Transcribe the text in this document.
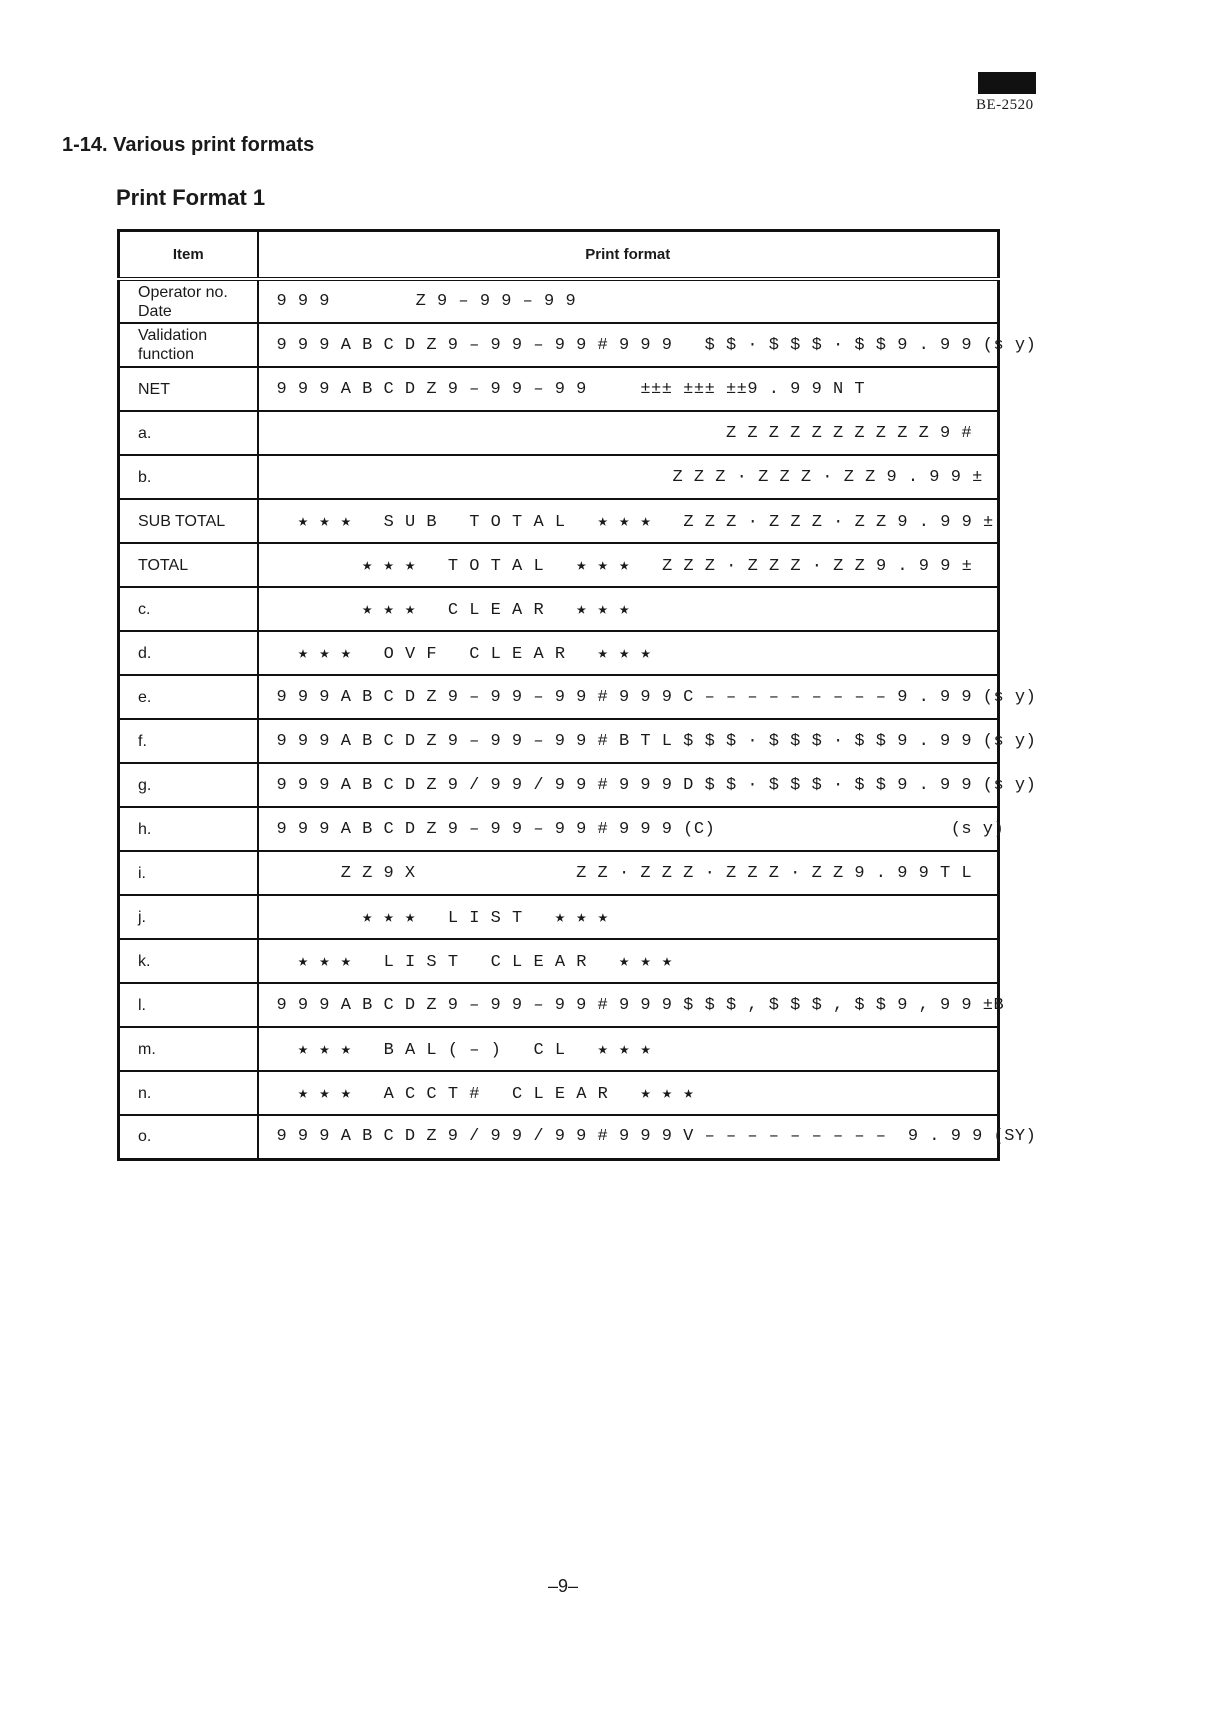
BE-2520
1-14. Various print formats
Print Format 1
Item	Print format
Operator no.
Date	9 9 9        Z 9 – 9 9 – 9 9
Validation
function	9 9 9 A B C D Z 9 – 9 9 – 9 9 # 9 9 9   $ $ · $ $ $ · $ $ 9 . 9 9 (s y)
NET	9 9 9 A B C D Z 9 – 9 9 – 9 9     ±±± ±±± ±±9 . 9 9 N T
a.	Z Z Z Z Z Z Z Z Z Z 9 #
b.	Z Z Z · Z Z Z · Z Z 9 . 9 9 ±
SUB TOTAL	★ ★ ★   S U B   T O T A L   ★ ★ ★   Z Z Z · Z Z Z · Z Z 9 . 9 9 ±
TOTAL	★ ★ ★   T O T A L   ★ ★ ★   Z Z Z · Z Z Z · Z Z 9 . 9 9 ±
c.	★ ★ ★   C L E A R   ★ ★ ★
d.	★ ★ ★   O V F   C L E A R   ★ ★ ★
e.	9 9 9 A B C D Z 9 – 9 9 – 9 9 # 9 9 9 C – – – – – – – – – 9 . 9 9 (s y)
f.	9 9 9 A B C D Z 9 – 9 9 – 9 9 # B T L $ $ $ · $ $ $ · $ $ 9 . 9 9 (s y)
g.	9 9 9 A B C D Z 9 / 9 9 / 9 9 # 9 9 9 D $ $ · $ $ $ · $ $ 9 . 9 9 (s y)
h.	9 9 9 A B C D Z 9 – 9 9 – 9 9 # 9 9 9 (C)                      (s y)
i.	Z Z 9 X               Z Z · Z Z Z · Z Z Z · Z Z 9 . 9 9 T L
j.	★ ★ ★   L I S T   ★ ★ ★
k.	★ ★ ★   L I S T   C L E A R   ★ ★ ★
l.	9 9 9 A B C D Z 9 – 9 9 – 9 9 # 9 9 9 $ $ $ , $ $ $ , $ $ 9 , 9 9 ±B
m.	★ ★ ★   B A L ( – )   C L   ★ ★ ★
n.	★ ★ ★   A C C T #   C L E A R   ★ ★ ★
o.	9 9 9 A B C D Z 9 / 9 9 / 9 9 # 9 9 9 V – – – – – – – – –  9 . 9 9 (SY)
–9–
